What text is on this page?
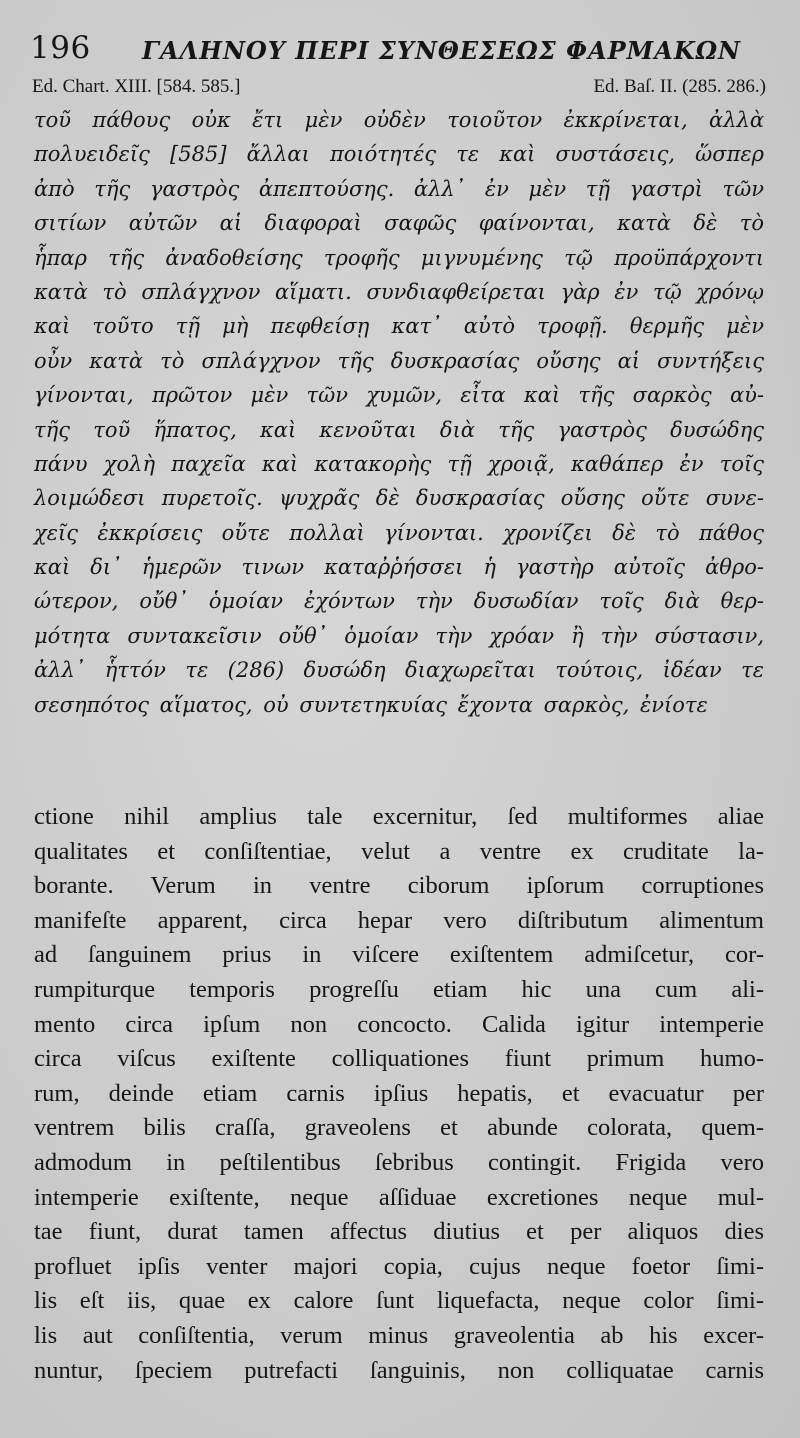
196 ΓΑΛΗΝΟΥ ΠΕΡΙ ΣΥΝΘΕΣΕΩΣ ΦΑΡΜΑΚΩΝ
Ed. Chart. XIII. [584. 585.]	Ed. Baſ. II. (285. 286.)
τοῦ πάθους οὐκ ἔτι μὲν οὐδὲν τοιοῦτον ἐκκρίνεται, ἀλλὰ
πολυειδεῖς [585] ἄλλαι ποιότητές τε καὶ συστάσεις, ὥσπερ
ἀπὸ τῆς γαστρὸς ἀπεπτούσης. ἀλλ᾽ ἐν μὲν τῇ γαστρὶ τῶν
σιτίων αὐτῶν αἱ διαφοραὶ σαφῶς φαίνονται, κατὰ δὲ τὸ
ἧπαρ τῆς ἀναδοθείσης τροφῆς μιγνυμένης τῷ προϋπάρχοντι
κατὰ τὸ σπλάγχνον αἵματι. συνδιαφθείρεται γὰρ ἐν τῷ χρόνῳ
καὶ τοῦτο τῇ μὴ πεφθείσῃ κατ᾽ αὐτὸ τροφῇ. θερμῆς μὲν
οὖν κατὰ τὸ σπλάγχνον τῆς δυσκρασίας οὔσης αἱ συντήξεις
γίνονται, πρῶτον μὲν τῶν χυμῶν, εἶτα καὶ τῆς σαρκὸς αὐ-
τῆς τοῦ ἥπατος, καὶ κενοῦται διὰ τῆς γαστρὸς δυσώδης
πάνυ χολὴ παχεῖα καὶ κατακορὴς τῇ χροιᾷ, καθάπερ ἐν τοῖς
λοιμώδεσι πυρετοῖς. ψυχρᾶς δὲ δυσκρασίας οὔσης οὔτε συνε-
χεῖς ἐκκρίσεις οὔτε πολλαὶ γίνονται. χρονίζει δὲ τὸ πάθος
καὶ δι᾽ ἡμερῶν τινων καταῤῥήσσει ἡ γαστὴρ αὐτοῖς ἀθρο-
ώτερον, οὔθ᾽ ὁμοίαν ἐχόντων τὴν δυσωδίαν τοῖς διὰ θερ-
μότητα συντακεῖσιν οὔθ᾽ ὁμοίαν τὴν χρόαν ἢ τὴν σύστασιν,
ἀλλ᾽ ἧττόν τε (286) δυσώδη διαχωρεῖται τούτοις, ἰδέαν τε
σεσηπότος αἵματος, οὐ συντετηκυίας ἔχοντα σαρκὸς, ἐνίοτε
ctione nihil amplius tale excernitur, ſed multiformes aliae
qualitates et conſiſtentiae, velut a ventre ex cruditate la-
borante. Verum in ventre ciborum ipſorum corruptiones
manifeſte apparent, circa hepar vero diſtributum alimentum
ad ſanguinem prius in viſcere exiſtentem admiſcetur, cor-
rumpiturque temporis progreſſu etiam hic una cum ali-
mento circa ipſum non concocto. Calida igitur intemperie
circa viſcus exiſtente colliquationes fiunt primum humo-
rum, deinde etiam carnis ipſius hepatis, et evacuatur per
ventrem bilis craſſa, graveolens et abunde colorata, quem-
admodum in peſtilentibus ſebribus contingit. Frigida vero
intemperie exiſtente, neque aſſiduae excretiones neque mul-
tae fiunt, durat tamen affectus diutius et per aliquos dies
profluet ipſis venter majori copia, cujus neque foetor ſimi-
lis eſt iis, quae ex calore ſunt liquefacta, neque color ſimi-
lis aut conſiſtentia, verum minus graveolentia ab his excer-
nuntur, ſpeciem putrefacti ſanguinis, non colliquatae carnis
